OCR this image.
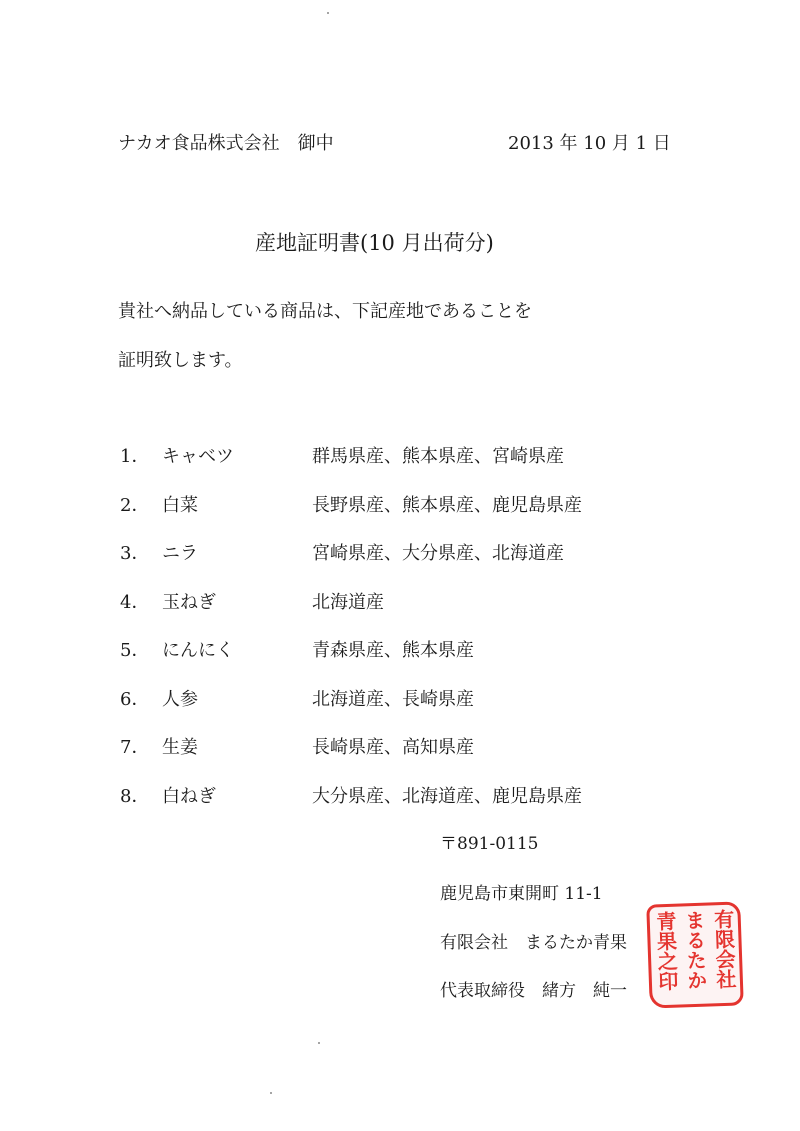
ナカオ食品株式会社　御中	2013 年 10 月 1 日
産地証明書(10 月出荷分)
貴社へ納品している商品は、下記産地であることを
証明致します。
1． キャベツ	群馬県産、熊本県産、宮崎県産
2． 白菜	長野県産、熊本県産、鹿児島県産
3． ニラ	宮崎県産、大分県産、北海道産
4． 玉ねぎ	北海道産
5． にんにく	青森県産、熊本県産
6． 人参	北海道産、長崎県産
7． 生姜	長崎県産、高知県産
8． 白ねぎ	大分県産、北海道産、鹿児島県産
〒891-0115
鹿児島市東開町 11-1
有限会社　まるたか青果
代表取締役　緒方　純一
有限会社
まるたか
青果之印
